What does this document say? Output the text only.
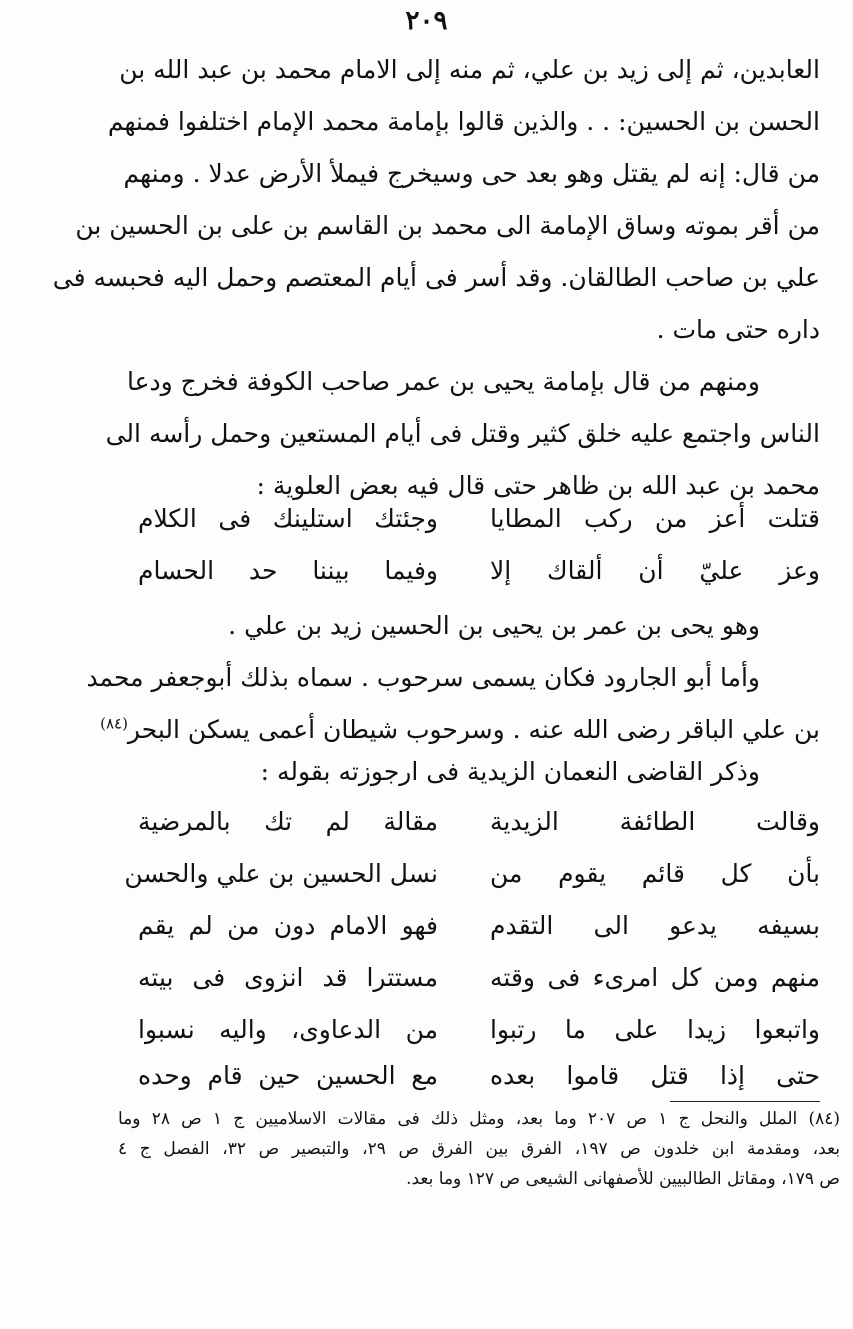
٢٠٩
العابدين، ثم إلى زيد بن علي، ثم منه إلى الامام محمد بن عبد الله بن
الحسن بن الحسين: . . والذين قالوا بإمامة محمد الإمام اختلفوا فمنهم
من قال: إنه لم يقتل وهو بعد حى وسيخرج فيملأ الأرض عدلا . ومنهم
من أقر بموته وساق الإمامة الى محمد بن القاسم بن على بن الحسين بن
علي بن صاحب الطالقان. وقد أسر فى أيام المعتصم وحمل اليه فحبسه فى
داره حتى مات .
ومنهم من قال بإمامة يحيى بن عمر صاحب الكوفة فخرج ودعا
الناس واجتمع عليه خلق كثير وقتل فى أيام المستعين وحمل رأسه الى
محمد بن عبد الله بن ظاهر حتى قال فيه بعض العلوية :
قتلت أعز من ركب المطايا
وجئتك استلينك فى الكلام
وعز عليّ أن ألقاك إلا
وفيما بيننا حد الحسام
وهو يحى بن عمر بن يحيى بن الحسين زيد بن علي .
وأما أبو الجارود فكان يسمى سرحوب . سماه بذلك أبوجعفر محمد
بن علي الباقر رضى الله عنه . وسرحوب شيطان أعمى يسكن البحر$^{(٨٤)}$
وذكر القاضى النعمان الزيدية فى ارجوزته بقوله :
وقالت الطائفة الزيدية
مقالة لم تك بالمرضية
بأن كل قائم يقوم من
نسل الحسين بن علي والحسن
بسيفه يدعو الى التقدم
فهو الامام دون من لم يقم
منهم ومن كل امرىء فى وقته
مستترا قد انزوى فى بيته
واتبعوا زيدا على ما رتبوا
من الدعاوى، واليه نسبوا
حتى إذا قتل قاموا بعده
مع الحسين حين قام وحده
(٨٤) الملل والنحل ج ١ ص ٢٠٧ وما بعد، ومثل ذلك فى مقالات الاسلاميين ج ١ ص ٢٨ وما
بعد، ومقدمة ابن خلدون ص ١٩٧، الفرق بين الفرق ص ٢٩، والتبصير ص ٣٢، الفصل ج ٤
ص ١٧٩، ومقاتل الطالبيين للأصفهانى الشيعى ص ١٢٧ وما بعد.
